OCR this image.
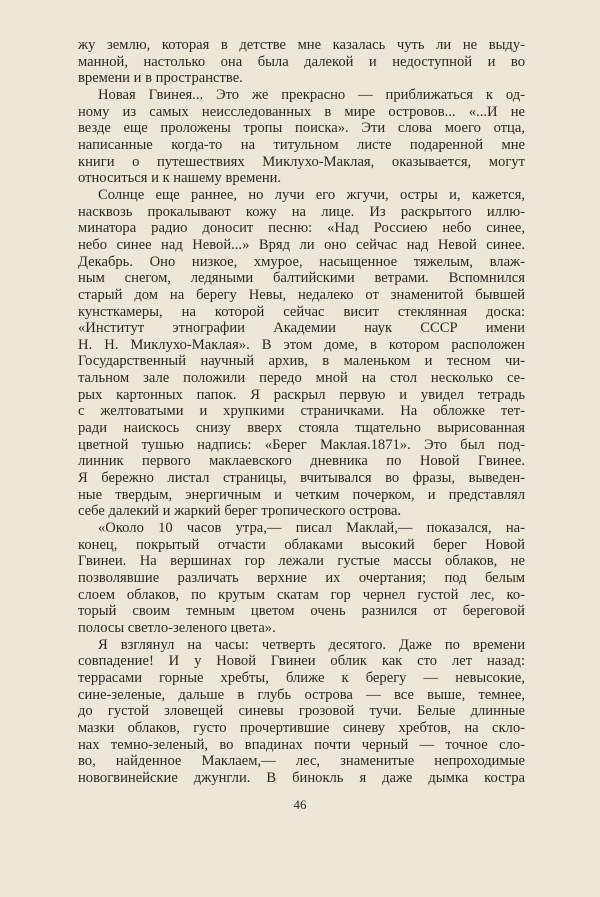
жу землю, которая в детстве мне казалась чуть ли не выду-
манной, настолько она была далекой и недоступной и во
времени и в пространстве.
Новая Гвинея... Это же прекрасно — приближаться к од-
ному из самых неисследованных в мире островов... «...И не
везде еще проложены тропы поиска». Эти слова моего отца,
написанные когда-то на титульном листе подаренной мне
книги о путешествиях Миклухо-Маклая, оказывается, могут
относиться и к нашему времени.
Солнце еще раннее, но лучи его жгучи, остры и, кажется,
насквозь прокалывают кожу на лице. Из раскрытого иллю-
минатора радио доносит песню: «Над Россиею небо синее,
небо синее над Невой...» Вряд ли оно сейчас над Невой синее.
Декабрь. Оно низкое, хмурое, насыщенное тяжелым, влаж-
ным снегом, ледяными балтийскими ветрами. Вспомнился
старый дом на берегу Невы, недалеко от знаменитой бывшей
кунсткамеры, на которой сейчас висит стеклянная доска:
«Институт этнографии Академии наук СССР имени
Н. Н. Миклухо-Маклая». В этом доме, в котором расположен
Государственный научный архив, в маленьком и тесном чи-
тальном зале положили передо мной на стол несколько се-
рых картонных папок. Я раскрыл первую и увидел тетрадь
с желтоватыми и хрупкими страничками. На обложке тет-
ради наискось снизу вверх стояла тщательно вырисованная
цветной тушью надпись: «Берег Маклая.1871». Это был под-
линник первого маклаевского дневника по Новой Гвинее.
Я бережно листал страницы, вчитывался во фразы, выведен-
ные твердым, энергичным и четким почерком, и представлял
себе далекий и жаркий берег тропического острова.
«Около 10 часов утра,— писал Маклай,— показался, на-
конец, покрытый отчасти облаками высокий берег Новой
Гвинеи. На вершинах гор лежали густые массы облаков, не
позволявшие различать верхние их очертания; под белым
слоем облаков, по крутым скатам гор чернел густой лес, ко-
торый своим темным цветом очень разнился от береговой
полосы светло-зеленого цвета».
Я взглянул на часы: четверть десятого. Даже по времени
совпадение! И у Новой Гвинеи облик как сто лет назад:
террасами горные хребты, ближе к берегу — невысокие,
сине-зеленые, дальше в глубь острова — все выше, темнее,
до густой зловещей синевы грозовой тучи. Белые длинные
мазки облаков, густо прочертившие синеву хребтов, на скло-
нах темно-зеленый, во впадинах почти черный — точное сло-
во, найденное Маклаем,— лес, знаменитые непроходимые
новогвинейские джунгли. В бинокль я даже дымка костра
46
